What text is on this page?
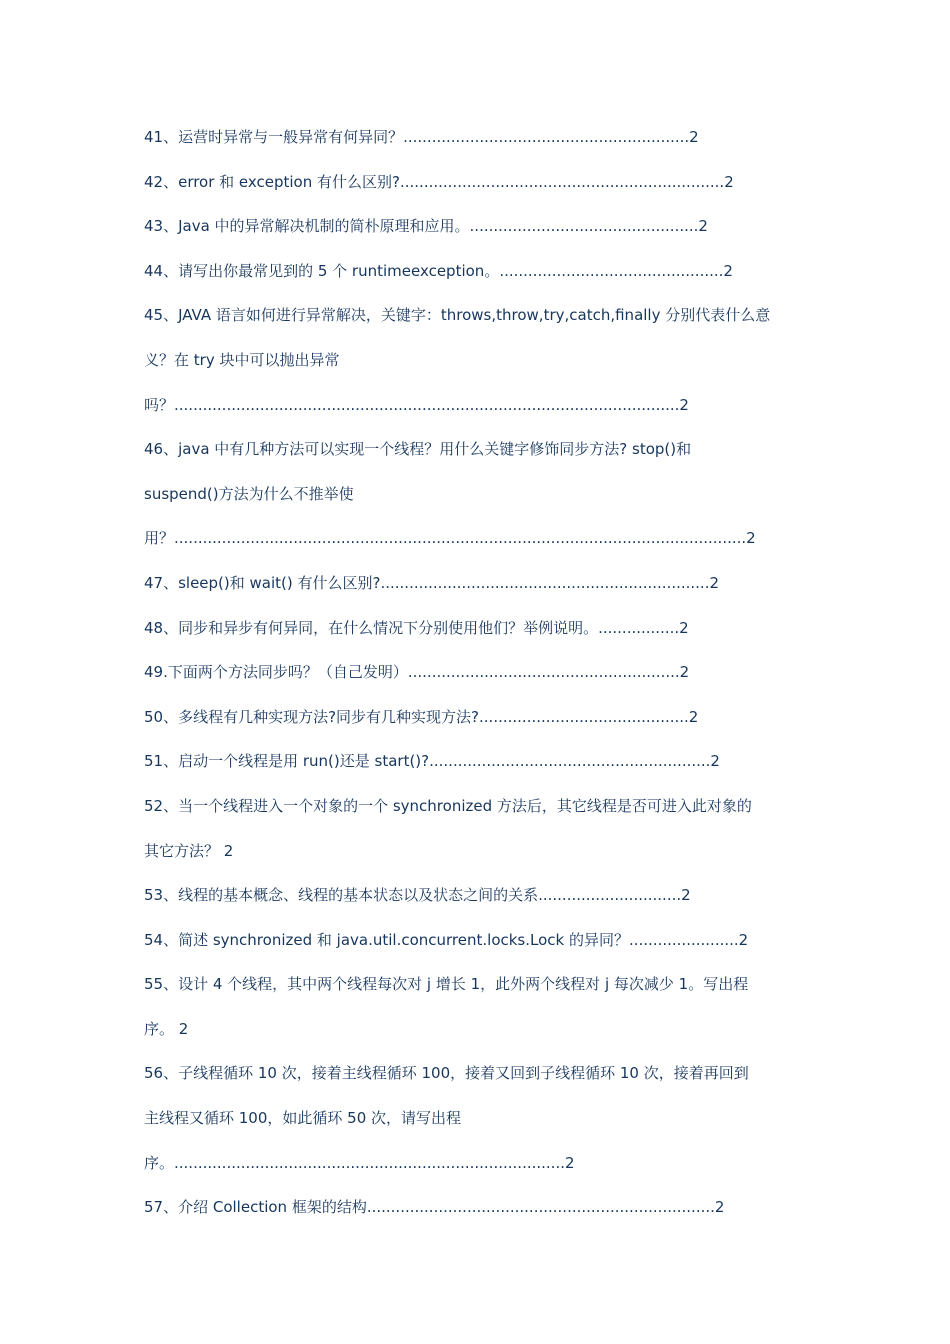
41、运营时异常与一般异常有何异同？............................................................2
42、error 和 exception 有什么区别?....................................................................2
43、Java 中的异常解决机制的简朴原理和应用。................................................2
44、请写出你最常见到的 5 个 runtimeexception。...............................................2
45、JAVA 语言如何进行异常解决，关键字：throws,throw,try,catch,finally 分别代表什么意
义？在 try 块中可以抛出异常
吗？..........................................................................................................2
46、java 中有几种方法可以实现一个线程？用什么关键字修饰同步方法? stop()和
suspend()方法为什么不推举使
用？........................................................................................................................2
47、sleep()和 wait() 有什么区别?.....................................................................2
48、同步和异步有何异同，在什么情况下分别使用他们？举例说明。.................2
49.下面两个方法同步吗？（自己发明）.........................................................2
50、多线程有几种实现方法?同步有几种实现方法?............................................2
51、启动一个线程是用 run()还是 start()?...........................................................2
52、当一个线程进入一个对象的一个 synchronized 方法后，其它线程是否可进入此对象的
其它方法？ 2
53、线程的基本概念、线程的基本状态以及状态之间的关系..............................2
54、简述 synchronized 和 java.util.concurrent.locks.Lock 的异同？.......................2
55、设计 4 个线程，其中两个线程每次对 j 增长 1，此外两个线程对 j 每次减少 1。写出程
序。 2
56、子线程循环 10 次，接着主线程循环 100，接着又回到子线程循环 10 次，接着再回到
主线程又循环 100，如此循环 50 次，请写出程
序。..................................................................................2
57、介绍 Collection 框架的结构.........................................................................2
